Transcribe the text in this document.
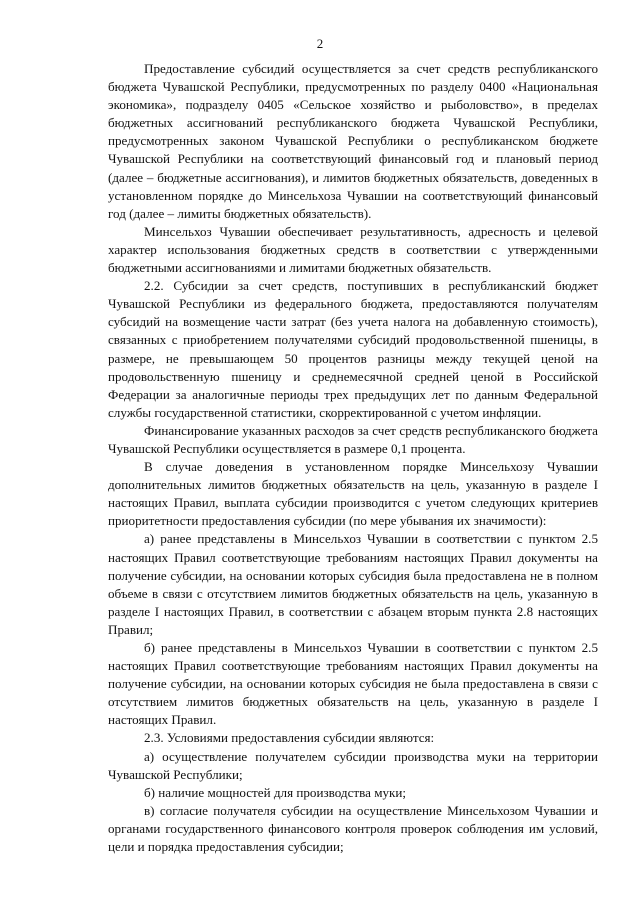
2

Предоставление субсидий осуществляется за счет средств республиканского бюджета Чувашской Республики, предусмотренных по разделу 0400 «Национальная экономика», подразделу 0405 «Сельское хозяйство и рыболовство», в пределах бюджетных ассигнований республиканского бюджета Чувашской Республики, предусмотренных законом Чувашской Республики о республиканском бюджете Чувашской Республики на соответствующий финансовый год и плановый период (далее – бюджетные ассигнования), и лимитов бюджетных обязательств, доведенных в установленном порядке до Минсельхоза Чувашии на соответствующий финансовый год (далее – лимиты бюджетных обязательств).

Минсельхоз Чувашии обеспечивает результативность, адресность и целевой характер использования бюджетных средств в соответствии с утвержденными бюджетными ассигнованиями и лимитами бюджетных обязательств.

2.2. Субсидии за счет средств, поступивших в республиканский бюджет Чувашской Республики из федерального бюджета, предоставляются получателям субсидий на возмещение части затрат (без учета налога на добавленную стоимость), связанных с приобретением получателями субсидий продовольственной пшеницы, в размере, не превышающем 50 процентов разницы между текущей ценой на продовольственную пшеницу и среднемесячной средней ценой в Российской Федерации за аналогичные периоды трех предыдущих лет по данным Федеральной службы государственной статистики, скорректированной с учетом инфляции.

Финансирование указанных расходов за счет средств республиканского бюджета Чувашской Республики осуществляется в размере 0,1 процента.

В случае доведения в установленном порядке Минсельхозу Чувашии дополнительных лимитов бюджетных обязательств на цель, указанную в разделе I настоящих Правил, выплата субсидии производится с учетом следующих критериев приоритетности предоставления субсидии (по мере убывания их значимости):

а) ранее представлены в Минсельхоз Чувашии в соответствии с пунктом 2.5 настоящих Правил соответствующие требованиям настоящих Правил документы на получение субсидии, на основании которых субсидия была предоставлена не в полном объеме в связи с отсутствием лимитов бюджетных обязательств на цель, указанную в разделе I настоящих Правил, в соответствии с абзацем вторым пункта 2.8 настоящих Правил;

б) ранее представлены в Минсельхоз Чувашии в соответствии с пунктом 2.5 настоящих Правил соответствующие требованиям настоящих Правил документы на получение субсидии, на основании которых субсидия не была предоставлена в связи с отсутствием лимитов бюджетных обязательств на цель, указанную в разделе I настоящих Правил.

2.3. Условиями предоставления субсидии являются:

а) осуществление получателем субсидии производства муки на территории Чувашской Республики;

б) наличие мощностей для производства муки;

в) согласие получателя субсидии на осуществление Минсельхозом Чувашии и органами государственного финансового контроля проверок соблюдения им условий, цели и порядка предоставления субсидии;
